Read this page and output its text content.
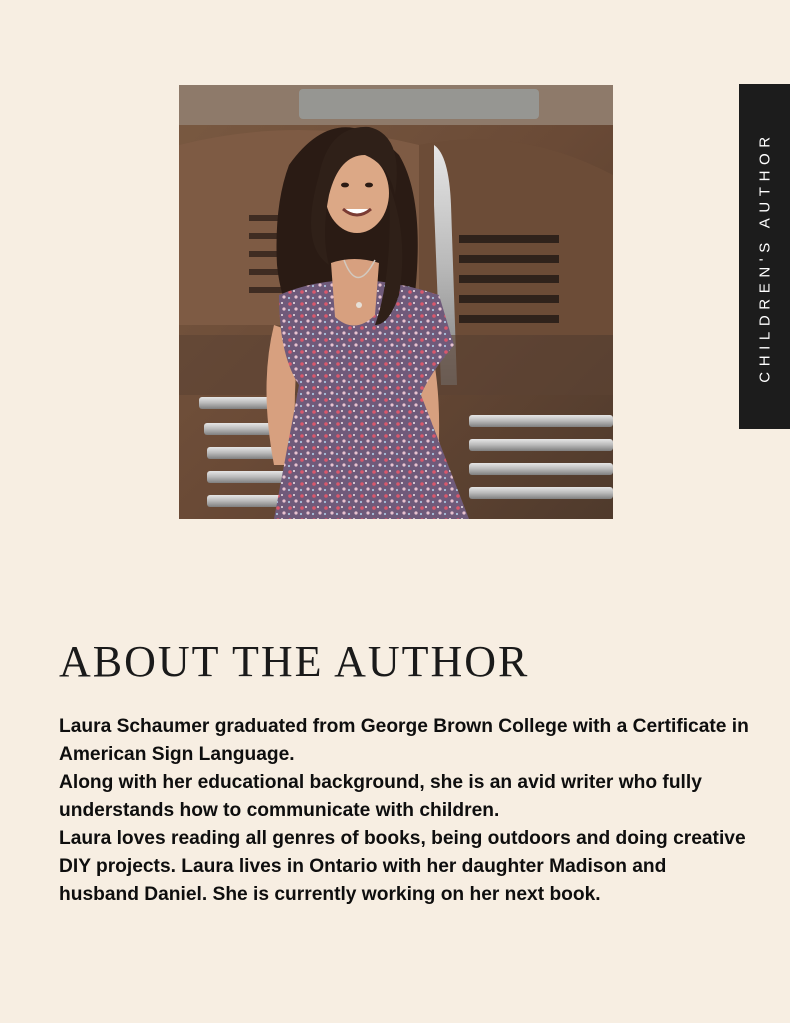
CHILDREN'S AUTHOR
ABOUT THE AUTHOR

Laura Schaumer graduated from George Brown College with a Certificate in American Sign Language.

Along with her educational background, she is an avid writer who fully understands how to communicate with children.

Laura loves reading all genres of books, being outdoors and doing creative DIY projects. Laura lives in Ontario with her daughter Madison and husband Daniel. She is currently working on her next book.
